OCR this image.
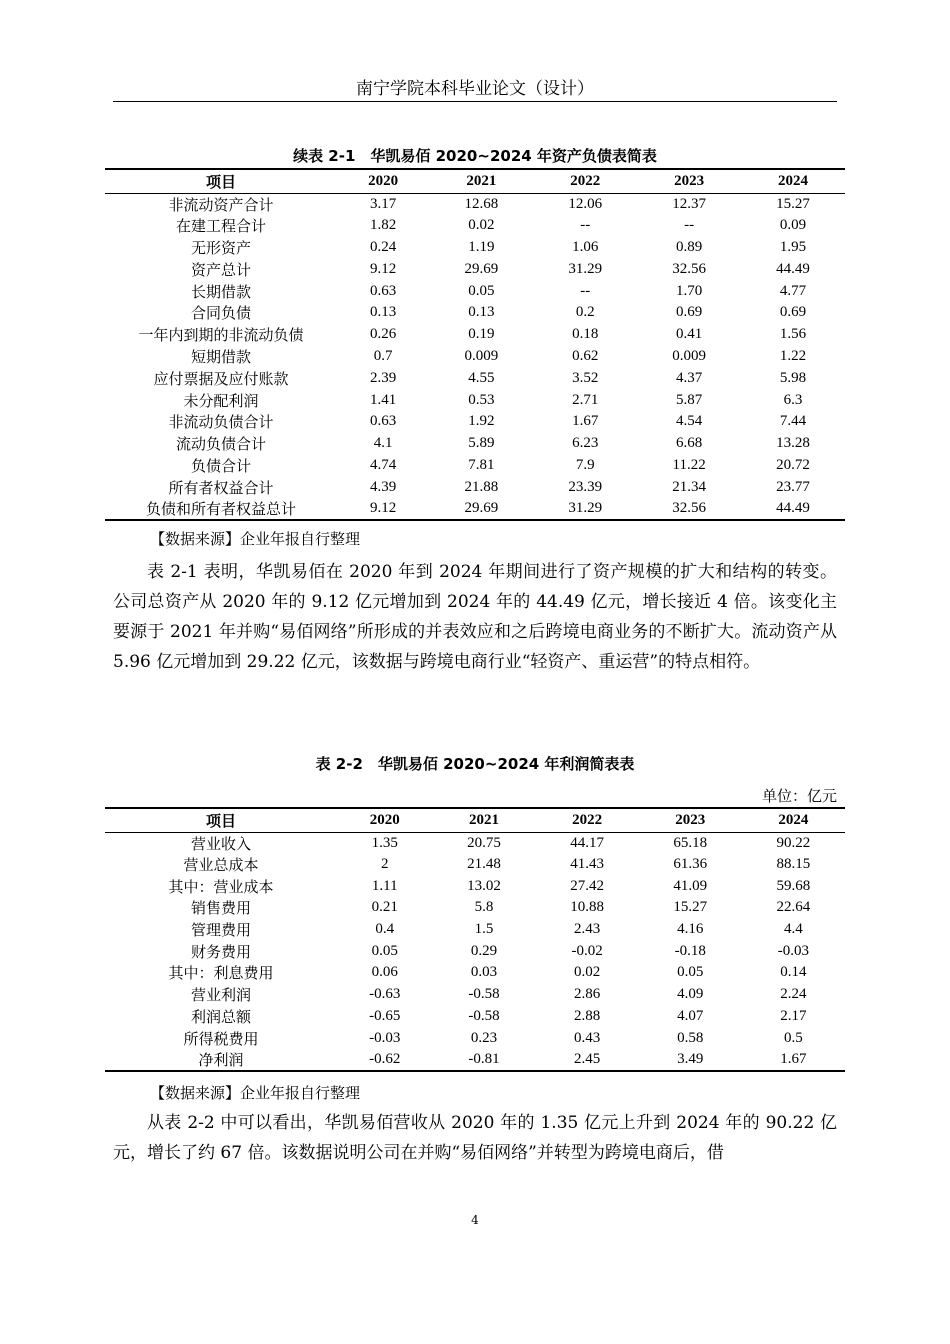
南宁学院本科毕业论文（设计）
续表 2-1　华凯易佰 2020~2024 年资产负债表简表
项目	2020	2021	2022	2023	2024
非流动资产合计	3.17	12.68	12.06	12.37	15.27
在建工程合计	1.82	0.02	--	--	0.09
无形资产	0.24	1.19	1.06	0.89	1.95
资产总计	9.12	29.69	31.29	32.56	44.49
长期借款	0.63	0.05	--	1.70	4.77
合同负债	0.13	0.13	0.2	0.69	0.69
一年内到期的非流动负债	0.26	0.19	0.18	0.41	1.56
短期借款	0.7	0.009	0.62	0.009	1.22
应付票据及应付账款	2.39	4.55	3.52	4.37	5.98
未分配利润	1.41	0.53	2.71	5.87	6.3
非流动负债合计	0.63	1.92	1.67	4.54	7.44
流动负债合计	4.1	5.89	6.23	6.68	13.28
负债合计	4.74	7.81	7.9	11.22	20.72
所有者权益合计	4.39	21.88	23.39	21.34	23.77
负债和所有者权益总计	9.12	29.69	31.29	32.56	44.49
【数据来源】企业年报自行整理

表 2-1 表明，华凯易佰在 2020 年到 2024 年期间进行了资产规模的扩大和结构的转变。公司总资产从 2020 年的 9.12 亿元增加到 2024 年的 44.49 亿元，增长接近 4 倍。该变化主要源于 2021 年并购“易佰网络”所形成的并表效应和之后跨境电商业务的不断扩大。流动资产从 5.96 亿元增加到 29.22 亿元，该数据与跨境电商行业“轻资产、重运营”的特点相符。

表 2-2　华凯易佰 2020~2024 年利润简表表
单位：亿元
项目	2020	2021	2022	2023	2024
营业收入	1.35	20.75	44.17	65.18	90.22
营业总成本	2	21.48	41.43	61.36	88.15
其中：营业成本	1.11	13.02	27.42	41.09	59.68
销售费用	0.21	5.8	10.88	15.27	22.64
管理费用	0.4	1.5	2.43	4.16	4.4
财务费用	0.05	0.29	-0.02	-0.18	-0.03
其中：利息费用	0.06	0.03	0.02	0.05	0.14
营业利润	-0.63	-0.58	2.86	4.09	2.24
利润总额	-0.65	-0.58	2.88	4.07	2.17
所得税费用	-0.03	0.23	0.43	0.58	0.5
净利润	-0.62	-0.81	2.45	3.49	1.67
【数据来源】企业年报自行整理

从表 2-2 中可以看出，华凯易佰营收从 2020 年的 1.35 亿元上升到 2024 年的 90.22 亿元，增长了约 67 倍。该数据说明公司在并购“易佰网络”并转型为跨境电商后，借

4
